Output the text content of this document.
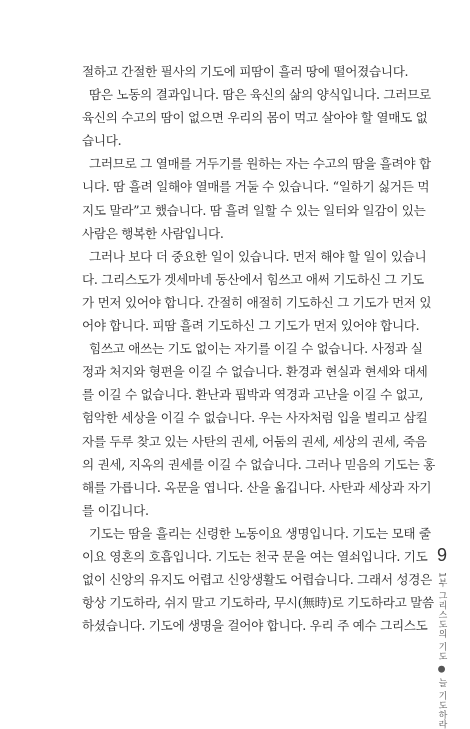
절하고 간절한 필사의 기도에 피땀이 흘러 땅에 떨어졌습니다.
땀은 노동의 결과입니다. 땀은 육신의 삶의 양식입니다. 그러므로
육신의 수고의 땀이 없으면 우리의 몸이 먹고 살아야 할 열매도 없
습니다.
그러므로 그 열매를 거두기를 원하는 자는 수고의 땀을 흘려야 합
니다. 땀 흘려 일해야 열매를 거둘 수 있습니다. “일하기 싫거든 먹
지도 말라”고 했습니다. 땀 흘려 일할 수 있는 일터와 일감이 있는
사람은 행복한 사람입니다.
그러나 보다 더 중요한 일이 있습니다. 먼저 해야 할 일이 있습니
다. 그리스도가 겟세마네 동산에서 힘쓰고 애써 기도하신 그 기도
가 먼저 있어야 합니다. 간절히 애절히 기도하신 그 기도가 먼저 있
어야 합니다. 피땀 흘려 기도하신 그 기도가 먼저 있어야 합니다.
힘쓰고 애쓰는 기도 없이는 자기를 이길 수 없습니다. 사정과 실
정과 처지와 형편을 이길 수 없습니다. 환경과 현실과 현세와 대세
를 이길 수 없습니다. 환난과 핍박과 역경과 고난을 이길 수 없고,
험악한 세상을 이길 수 없습니다. 우는 사자처럼 입을 벌리고 삼킬
자를 두루 찾고 있는 사탄의 권세, 어둠의 권세, 세상의 권세, 죽음
의 권세, 지옥의 권세를 이길 수 없습니다. 그러나 믿음의 기도는 홍
해를 가릅니다. 옥문을 엽니다. 산을 옮깁니다. 사탄과 세상과 자기
를 이깁니다.
기도는 땀을 흘리는 신령한 노동이요 생명입니다. 기도는 모태 줄
이요 영혼의 호흡입니다. 기도는 천국 문을 여는 열쇠입니다. 기도
없이 신앙의 유지도 어렵고 신앙생활도 어렵습니다. 그래서 성경은
항상 기도하라, 쉬지 말고 기도하라, 무시(無時)로 기도하라고 말씀
하셨습니다. 기도에 생명을 걸어야 합니다. 우리 주 예수 그리스도
9
1부 그리스도의 기도 ● 늘 기도하라
